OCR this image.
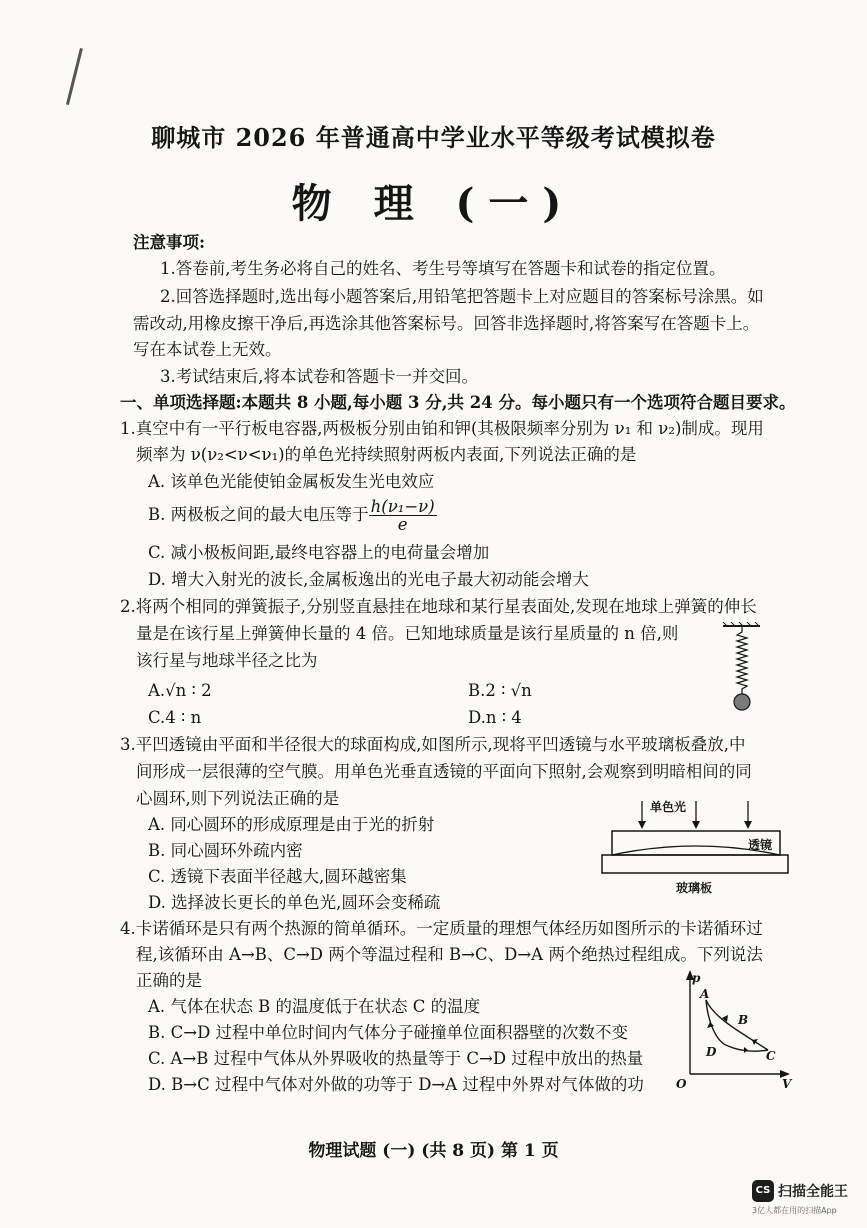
聊城市 2026 年普通高中学业水平等级考试模拟卷
物 理 (一)
注意事项:
1.答卷前,考生务必将自己的姓名、考生号等填写在答题卡和试卷的指定位置。
2.回答选择题时,选出每小题答案后,用铅笔把答题卡上对应题目的答案标号涂黑。如
需改动,用橡皮擦干净后,再选涂其他答案标号。回答非选择题时,将答案写在答题卡上。
写在本试卷上无效。
3.考试结束后,将本试卷和答题卡一并交回。
一、单项选择题:本题共 8 小题,每小题 3 分,共 24 分。每小题只有一个选项符合题目要求。
1.真空中有一平行板电容器,两极板分别由铂和钾(其极限频率分别为 ν₁ 和 ν₂)制成。现用
频率为 ν(ν₂<ν<ν₁)的单色光持续照射两板内表面,下列说法正确的是
A. 该单色光能使铂金属板发生光电效应
B. 两极板之间的最大电压等于 $\frac{\text{h(ν₁−ν)}}{e}$
C. 减小极板间距,最终电容器上的电荷量会增加
D. 增大入射光的波长,金属板逸出的光电子最大初动能会增大
2.将两个相同的弹簧振子,分别竖直悬挂在地球和某行星表面处,发现在地球上弹簧的伸长
量是在该行星上弹簧伸长量的 4 倍。已知地球质量是该行星质量的 n 倍,则
该行星与地球半径之比为
A.√n ∶ 2	B.2 ∶ √n
C.4 ∶ n	D.n ∶ 4
3.平凹透镜由平面和半径很大的球面构成,如图所示,现将平凹透镜与水平玻璃板叠放,中
间形成一层很薄的空气膜。用单色光垂直透镜的平面向下照射,会观察到明暗相间的同
心圆环,则下列说法正确的是
A. 同心圆环的形成原理是由于光的折射
B. 同心圆环外疏内密
C. 透镜下表面半径越大,圆环越密集
D. 选择波长更长的单色光,圆环会变稀疏
单色光
透镜
玻璃板
4.卡诺循环是只有两个热源的简单循环。一定质量的理想气体经历如图所示的卡诺循环过
程,该循环由 A→B、C→D 两个等温过程和 B→C、D→A 两个绝热过程组成。下列说法
正确的是
A. 气体在状态 B 的温度低于在状态 C 的温度
B. C→D 过程中单位时间内气体分子碰撞单位面积器壁的次数不变
C. A→B 过程中气体从外界吸收的热量等于 C→D 过程中放出的热量
D. B→C 过程中气体对外做的功等于 D→A 过程中外界对气体做的功
p
V
O
A
B
C
D
物理试题 (一) (共 8 页) 第 1 页
CS 扫描全能王
3亿人都在用的扫描App
